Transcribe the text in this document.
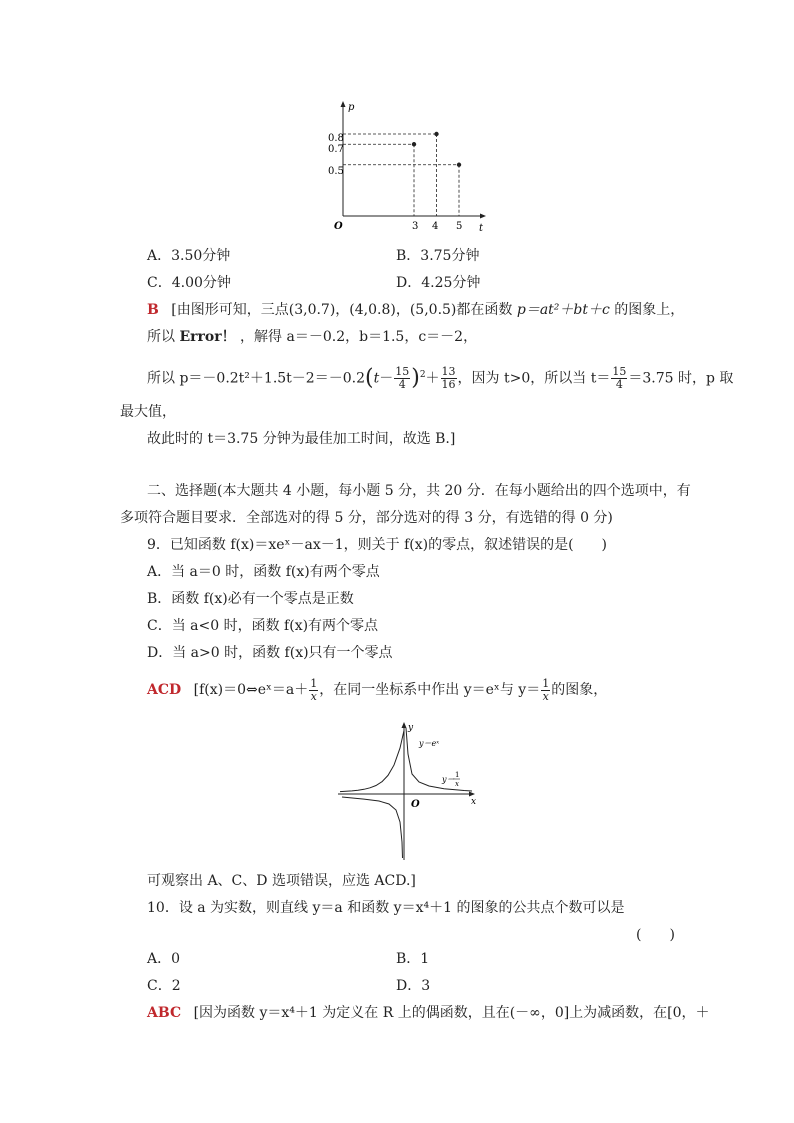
p
t
O
0.8
0.7
0.5
3 4 5
A．3.50分钟	B．3.75分钟
C．4.00分钟	D．4.25分钟
B [由图形可知，三点(3,0.7)，(4,0.8)，(5,0.5)都在函数 p＝at²＋bt＋c 的图象上，
所以 Error！ ，解得 a＝－0.2，b＝1.5，c＝－2，
所以 $p=-0.2t^2+1.5t-2=-0.2(t- \frac{15}{4} )^2+ \frac{13}{16}$ ，因为 t>0，所以当 $t= \frac{15}{4} =3.75$ 时，p 取
最大值，
故此时的 t＝3.75 分钟为最佳加工时间，故选 B.]
二、选择题(本大题共 4 小题，每小题 5 分，共 20 分．在每小题给出的四个选项中，有
多项符合题目要求．全部选对的得 5 分，部分选对的得 3 分，有选错的得 0 分)
9．已知函数 f(x)＝xeˣ－ax－1，则关于 f(x)的零点，叙述错误的是(　　)
A．当 a＝0 时，函数 f(x)有两个零点
B．函数 f(x)必有一个零点是正数
C．当 a<0 时，函数 f(x)有两个零点
D．当 a>0 时，函数 f(x)只有一个零点
ACD [f(x)＝0⇔eˣ＝a＋ $\frac{1}{x}$ ，在同一坐标系中作出 y＝eˣ与 $y= \frac{1}{x}$ 的图象，
y
x
O
y＝eˣ
y＝ 1
x
可观察出 A、C、D 选项错误，应选 ACD.]
10．设 a 为实数，则直线 y＝a 和函数 y＝x⁴＋1 的图象的公共点个数可以是
(　　)
A．0	B．1
C．2	D．3
ABC [因为函数 y＝x⁴＋1 为定义在 R 上的偶函数，且在(－∞，0]上为减函数，在[0，＋
